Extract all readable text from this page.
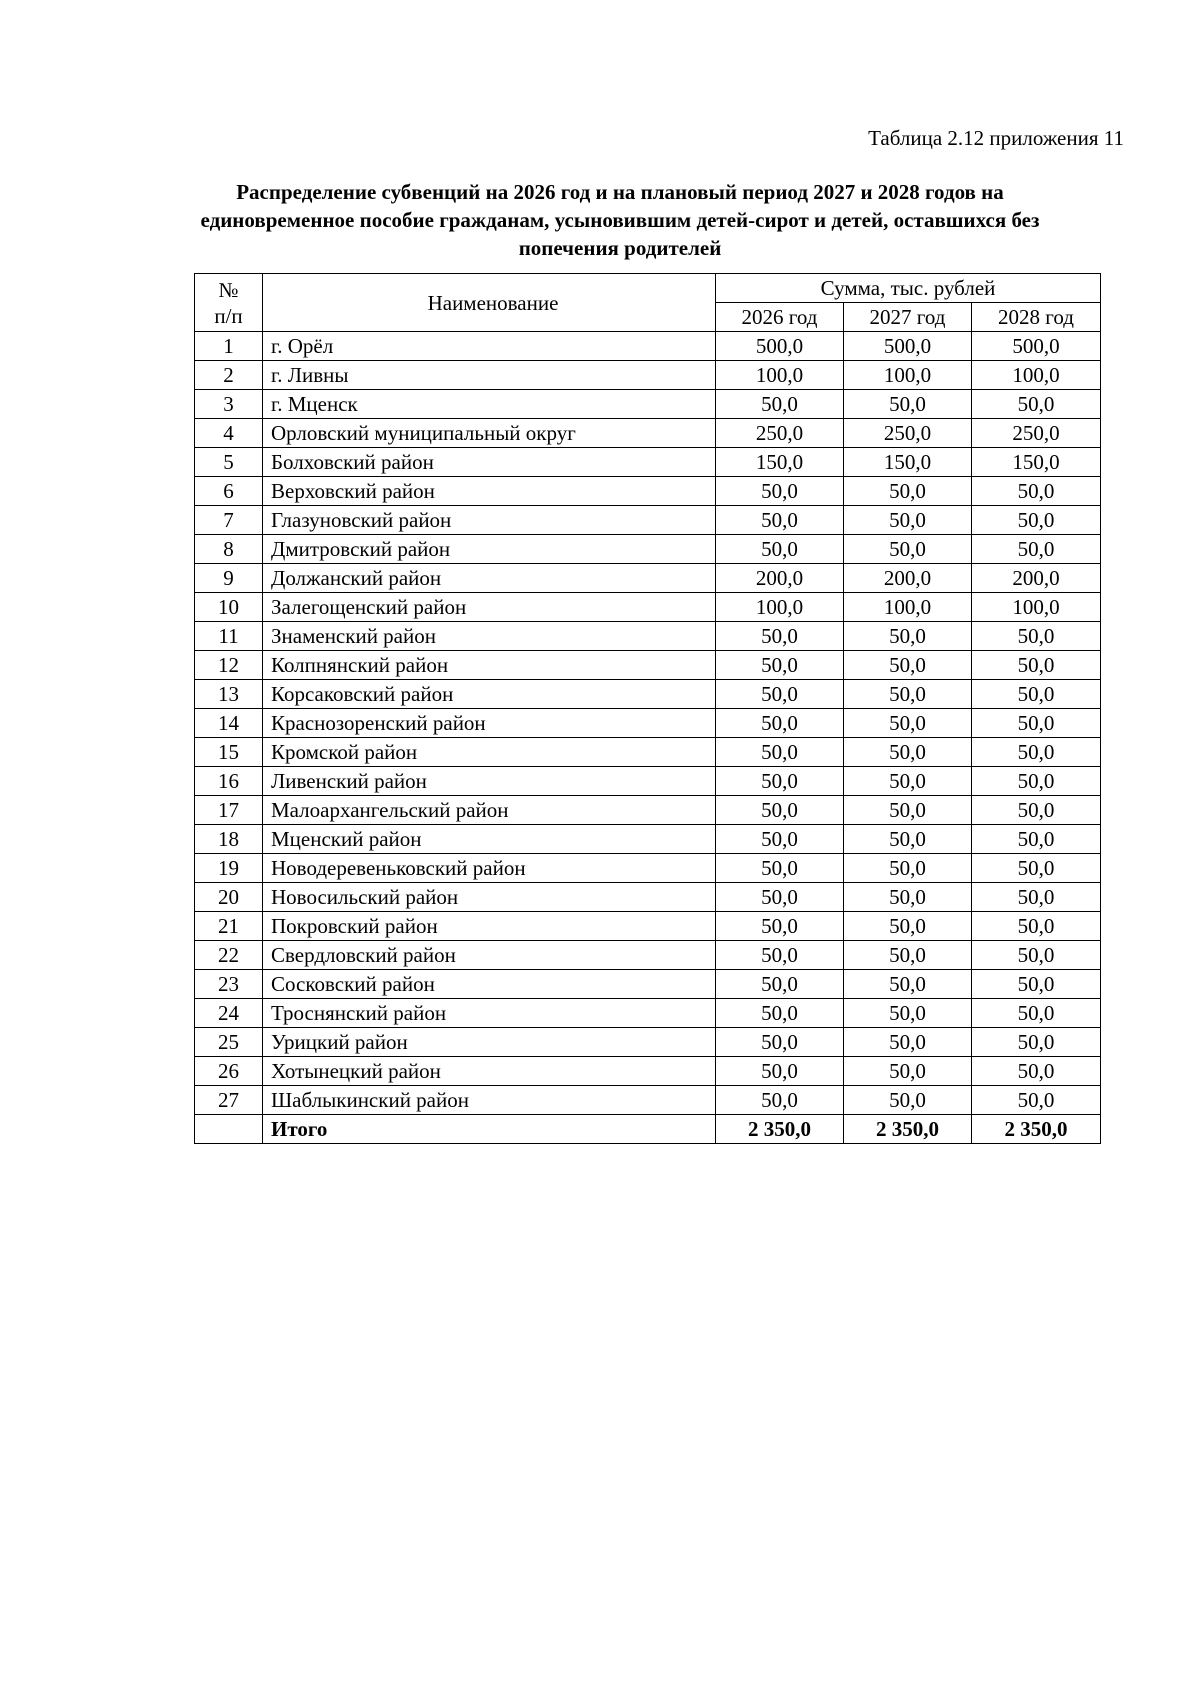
Таблица 2.12 приложения 11
Распределение субвенций на 2026 год и на плановый период 2027 и 2028 годов на
единовременное пособие гражданам, усыновившим детей-сирот и детей, оставшихся без
попечения родителей
№
п/п	Наименование	Сумма, тыс. рублей		
		2026 год	2027 год	2028 год
1	г. Орёл	500,0	500,0	500,0
2	г. Ливны	100,0	100,0	100,0
3	г. Мценск	50,0	50,0	50,0
4	Орловский муниципальный округ	250,0	250,0	250,0
5	Болховский район	150,0	150,0	150,0
6	Верховский район	50,0	50,0	50,0
7	Глазуновский район	50,0	50,0	50,0
8	Дмитровский район	50,0	50,0	50,0
9	Должанский район	200,0	200,0	200,0
10	Залегощенский район	100,0	100,0	100,0
11	Знаменский район	50,0	50,0	50,0
12	Колпнянский район	50,0	50,0	50,0
13	Корсаковский район	50,0	50,0	50,0
14	Краснозоренский район	50,0	50,0	50,0
15	Кромской район	50,0	50,0	50,0
16	Ливенский район	50,0	50,0	50,0
17	Малоархангельский район	50,0	50,0	50,0
18	Мценский район	50,0	50,0	50,0
19	Новодеревеньковский район	50,0	50,0	50,0
20	Новосильский район	50,0	50,0	50,0
21	Покровский район	50,0	50,0	50,0
22	Свердловский район	50,0	50,0	50,0
23	Сосковский район	50,0	50,0	50,0
24	Троснянский район	50,0	50,0	50,0
25	Урицкий район	50,0	50,0	50,0
26	Хотынецкий район	50,0	50,0	50,0
27	Шаблыкинский район	50,0	50,0	50,0
	Итого	2 350,0	2 350,0	2 350,0
